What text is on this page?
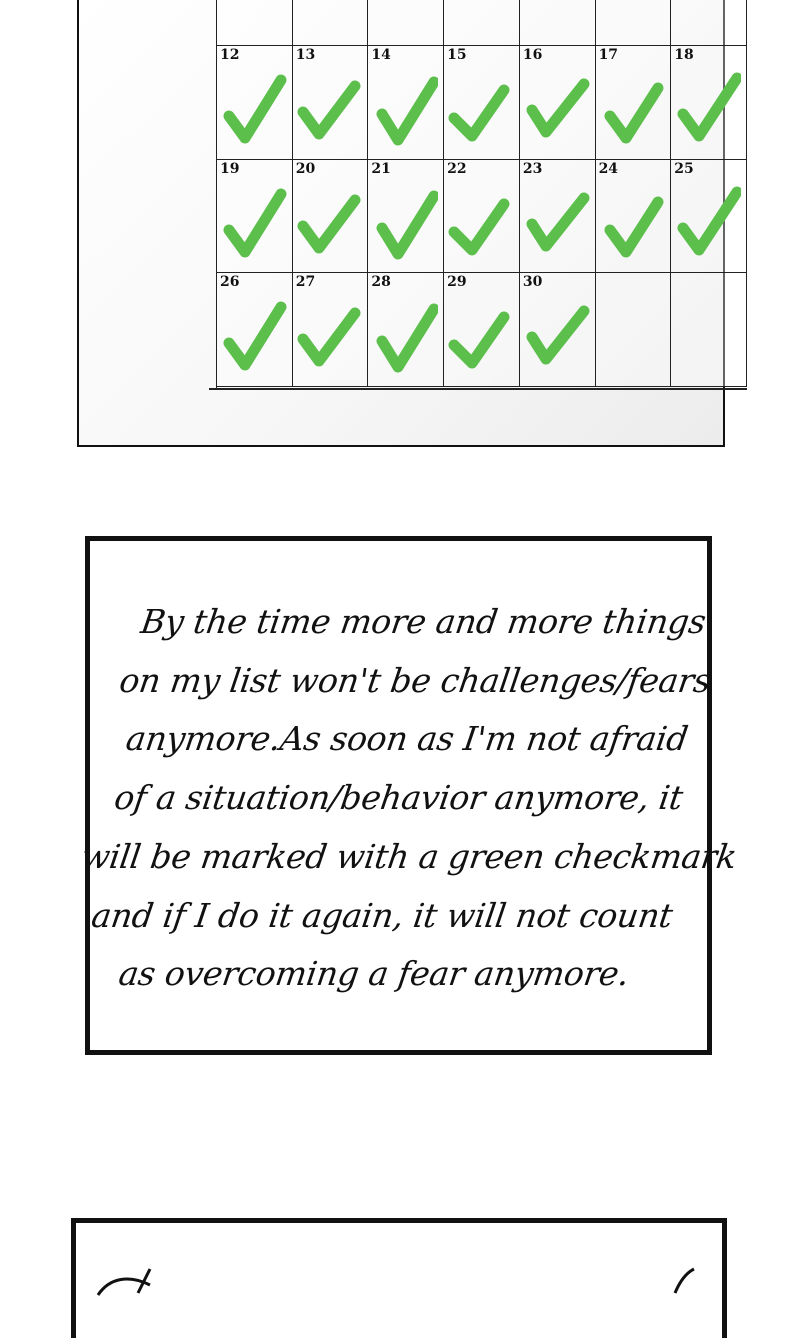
12	13	14	15	16	17	18
19	20	21	22	23	24	25
26	27	28	29	30
By the time more and more things
on my list won't be challenges/fears
anymore.As soon as I'm not afraid
of a situation/behavior anymore, it
will be marked with a green checkmark
and if I do it again, it will not count
as overcoming a fear anymore.
